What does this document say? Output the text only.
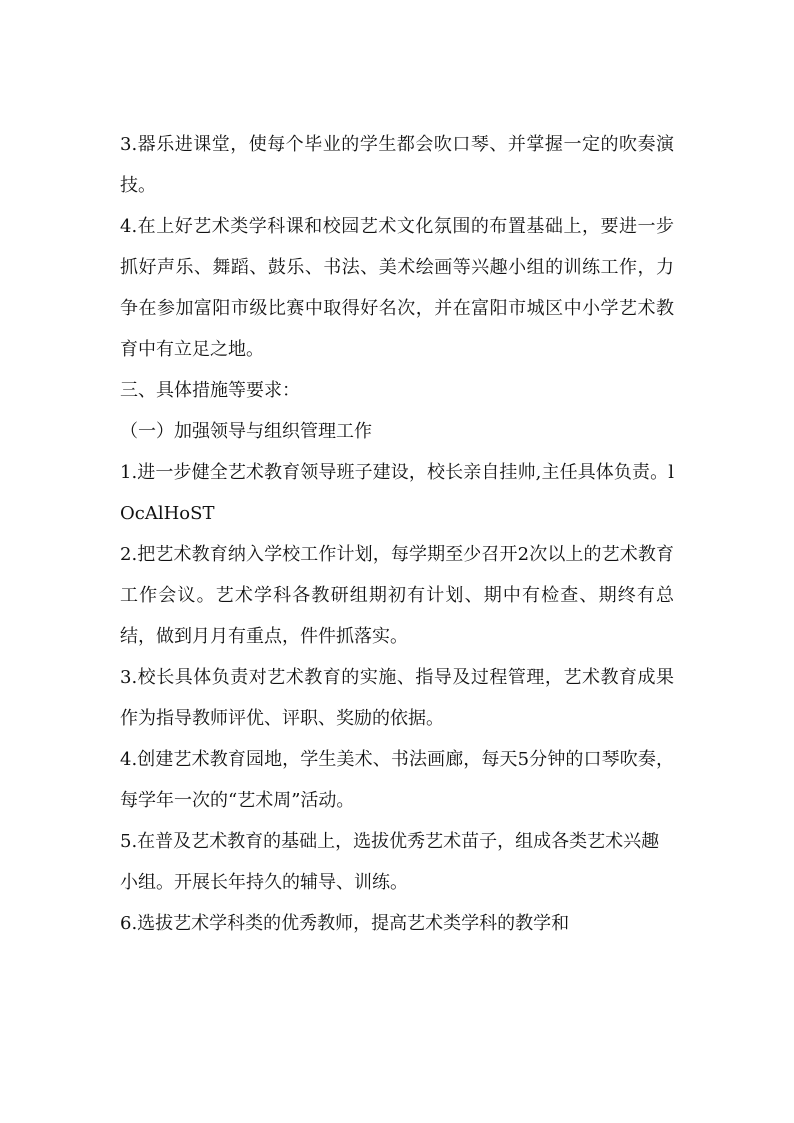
3.器乐进课堂，使每个毕业的学生都会吹口琴、并掌握一定的吹奏演技。

4.在上好艺术类学科课和校园艺术文化氛围的布置基础上，要进一步抓好声乐、舞蹈、鼓乐、书法、美术绘画等兴趣小组的训练工作，力争在参加富阳市级比赛中取得好名次，并在富阳市城区中小学艺术教育中有立足之地。

三、具体措施等要求：

（一）加强领导与组织管理工作

1.进一步健全艺术教育领导班子建设，校长亲自挂帅,主任具体负责。lOcAlHoST

2.把艺术教育纳入学校工作计划，每学期至少召开2次以上的艺术教育工作会议。艺术学科各教研组期初有计划、期中有检查、期终有总结，做到月月有重点，件件抓落实。

3.校长具体负责对艺术教育的实施、指导及过程管理，艺术教育成果作为指导教师评优、评职、奖励的依据。

4.创建艺术教育园地，学生美术、书法画廊，每天5分钟的口琴吹奏，每学年一次的“艺术周”活动。

5.在普及艺术教育的基础上，选拔优秀艺术苗子，组成各类艺术兴趣

小组。开展长年持久的辅导、训练。

6.选拔艺术学科类的优秀教师，提高艺术类学科的教学和
